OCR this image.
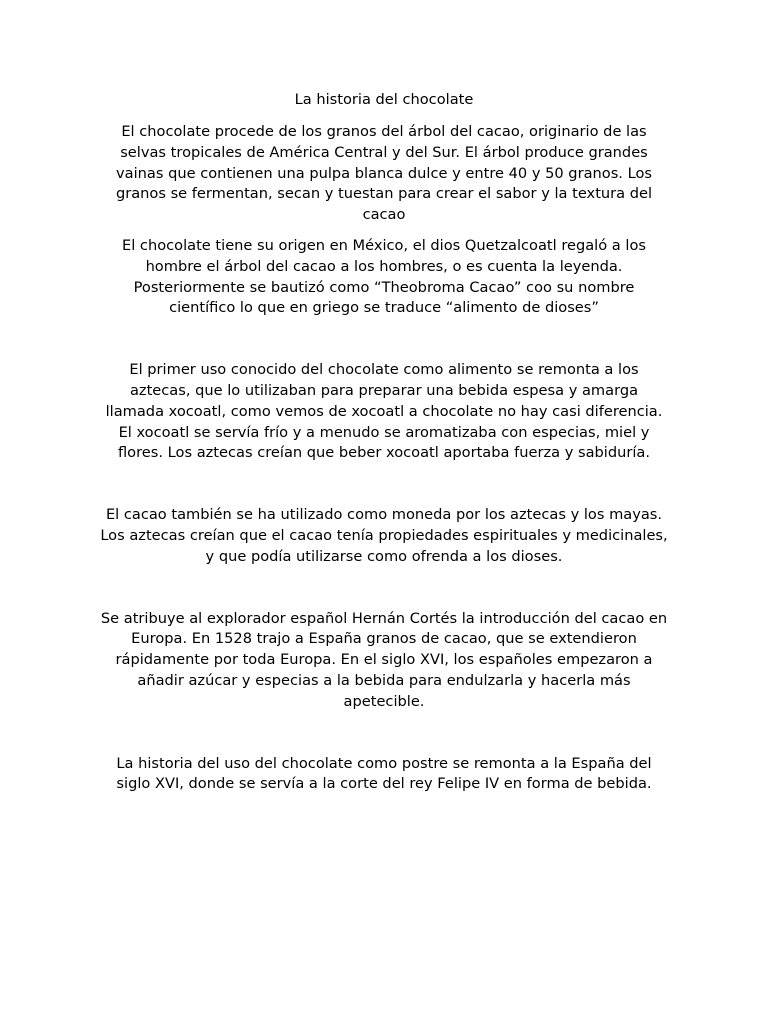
La historia del chocolate

El chocolate procede de los granos del árbol del cacao, originario de las selvas tropicales de América Central y del Sur. El árbol produce grandes vainas que contienen una pulpa blanca dulce y entre 40 y 50 granos. Los granos se fermentan, secan y tuestan para crear el sabor y la textura del cacao

El chocolate tiene su origen en México, el dios Quetzalcoatl regaló a los hombre el árbol del cacao a los hombres, o es cuenta la leyenda. Posteriormente se bautizó como “Theobroma Cacao” coo su nombre científico lo que en griego se traduce “alimento de dioses”

El primer uso conocido del chocolate como alimento se remonta a los aztecas, que lo utilizaban para preparar una bebida espesa y amarga llamada xocoatl, como vemos de xocoatl a chocolate no hay casi diferencia. El xocoatl se servía frío y a menudo se aromatizaba con especias, miel y flores. Los aztecas creían que beber xocoatl aportaba fuerza y sabiduría.

El cacao también se ha utilizado como moneda por los aztecas y los mayas. Los aztecas creían que el cacao tenía propiedades espirituales y medicinales, y que podía utilizarse como ofrenda a los dioses.

Se atribuye al explorador español Hernán Cortés la introducción del cacao en Europa. En 1528 trajo a España granos de cacao, que se extendieron rápidamente por toda Europa. En el siglo XVI, los españoles empezaron a añadir azúcar y especias a la bebida para endulzarla y hacerla más apetecible.

La historia del uso del chocolate como postre se remonta a la España del siglo XVI, donde se servía a la corte del rey Felipe IV en forma de bebida.
